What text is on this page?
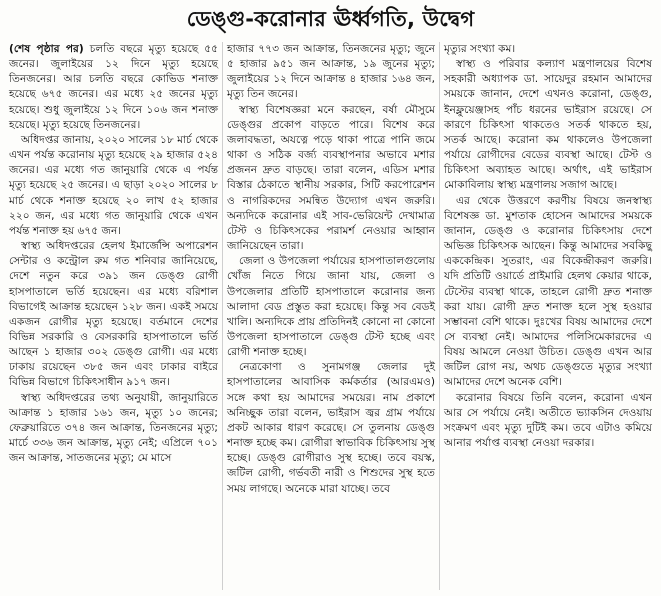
ডেঙ্গু-করোনার ঊর্ধ্বগতি, উদ্বেগ

(শেষ পৃষ্ঠার পর) চলতি বছরে মৃত্যু হয়েছে ৫৫ জনের। জুলাইয়ের ১২ দিনে মৃত্যু হয়েছে তিনজনের। আর চলতি বছরে কোভিড শনাক্ত হয়েছে ৬৭৫ জনের। এর মধ্যে ২৫ জনের মৃত্যু হয়েছে। শুধু জুলাইয়ে ১২ দিনে ১০৬ জন শনাক্ত হয়েছে। মৃত্যু হয়েছে তিনজনের।

অধিদপ্তর জানায়, ২০২০ সালের ১৮ মার্চ থেকে এখন পর্যন্ত করোনায় মৃত্যু হয়েছে ২৯ হাজার ৫২৪ জনের। এর মধ্যে গত জানুয়ারি থেকে এ পর্যন্ত মৃত্যু হয়েছে ২৫ জনের। এ ছাড়া ২০২০ সালের ৮ মার্চ থেকে শনাক্ত হয়েছে ২০ লাখ ৫২ হাজার ২২০ জন, এর মধ্যে গত জানুয়ারি থেকে এখন পর্যন্ত শনাক্ত হয় ৬৭৫ জন।

স্বাস্থ্য অধিদপ্তরের হেলথ ইমার্জেন্সি অপারেশন সেন্টার ও কন্ট্রোল রুম গত শনিবার জানিয়েছে, দেশে নতুন করে ৩৯১ জন ডেঙ্গু রোগী হাসপাতালে ভর্তি হয়েছেন। এর মধ্যে বরিশাল বিভাগেই আক্রান্ত হয়েছেন ১২৮ জন। একই সময়ে একজন রোগীর মৃত্যু হয়েছে। বর্তমানে দেশের বিভিন্ন সরকারি ও বেসরকারি হাসপাতালে ভর্তি আছেন ১ হাজার ৩০২ ডেঙ্গু রোগী। এর মধ্যে ঢাকায় রয়েছেন ৩৮৫ জন এবং ঢাকার বাইরে বিভিন্ন বিভাগে চিকিৎসাধীন ৯১৭ জন।

স্বাস্থ্য অধিদপ্তরের তথ্য অনুযায়ী, জানুয়ারিতে আক্রান্ত ১ হাজার ১৬১ জন, মৃত্যু ১০ জনের; ফেব্রুয়ারিতে ৩৭৪ জন আক্রান্ত, তিনজনের মৃত্যু; মার্চে ৩৩৬ জন আক্রান্ত, মৃত্যু নেই; এপ্রিলে ৭০১ জন আক্রান্ত, সাতজনের মৃত্যু; মে মাসে

হাজার ৭৭৩ জন আক্রান্ত, তিনজনের মৃত্যু; জুনে ৫ হাজার ৯৫১ জন আক্রান্ত, ১৯ জুনের মৃত্যু; জুলাইয়ের ১২ দিনে আক্রান্ত ৪ হাজার ১৬৪ জন, মৃত্যু তিন জনের।

স্বাস্থ্য বিশেষজ্ঞরা মনে করছেন, বর্ষা মৌসুমে ডেঙ্গুর প্রকোপ বাড়তে পারে। বিশেষ করে জলাবদ্ধতা, অযত্নে পড়ে থাকা পাত্রে পানি জমে থাকা ও সঠিক বর্জ্য ব্যবস্থাপনার অভাবে মশার প্রজনন দ্রুত বাড়ছে। তারা বলেন, এডিস মশার বিস্তার ঠেকাতে স্থানীয় সরকার, সিটি করপোরেশন ও নাগরিকদের সমন্বিত উদ্যোগ এখন জরুরি। অন্যদিকে করোনার এই সাব-ভেরিয়েন্ট দেখামাত্র টেস্ট ও চিকিৎসকের পরামর্শ নেওয়ার আহ্বান জানিয়েছেন তারা।

জেলা ও উপজেলা পর্যায়ের হাসপাতালগুলোয় খোঁজ নিতে গিয়ে জানা যায়, জেলা ও উপজেলার প্রতিটি হাসপাতালে করোনার জন্য আলাদা বেড প্রস্তুত করা হয়েছে। কিন্তু সব বেডই খালি। অন্যদিকে প্রায় প্রতিদিনই কোনো না কোনো উপজেলা হাসপাতালে ডেঙ্গু টেস্ট হচ্ছে এবং রোগী শনাক্ত হচ্ছে।

নেত্রকোণা ও সুনামগঞ্জ জেলার দুই হাসপাতালের আবাসিক কর্মকর্তার (আরএমও) সঙ্গে কথা হয় আমাদের সময়ের। নাম প্রকাশে অনিচ্ছুক তারা বলেন, ভাইরাস জ্বর গ্রাম পর্যায়ে প্রকট আকার ধারণ করেছে। সে তুলনায় ডেঙ্গু শনাক্ত হচ্ছে কম। রোগীরা স্বাভাবিক চিকিৎসায় সুস্থ হচ্ছে। ডেঙ্গু রোগীরাও সুস্থ হচ্ছে। তবে বয়স্ক, জটিল রোগী, গর্ভবতী নারী ও শিশুদের সুস্থ হতে সময় লাগছে। অনেকে মারা যাচ্ছে। তবে

মৃত্যুর সংখ্যা কম।

স্বাস্থ্য ও পরিবার কল্যাণ মন্ত্রণালয়ের বিশেষ সহকারী অধ্যাপক ডা. সায়েদুর রহমান আমাদের সময়কে জানান, দেশে এখনও করোনা, ডেঙ্গু, ইনফ্লুয়েঞ্জাসহ পাঁচ ধরনের ভাইরাস রয়েছে। সে কারণে চিকিৎসা থাকতেও সতর্ক থাকতে হয়, সতর্ক আছে। করোনা কম থাকলেও উপজেলা পর্যায়ে রোগীদের বেডের ব্যবস্থা আছে। টেস্ট ও চিকিৎসা অব্যাহত আছে। অর্থাৎ, এই ভাইরাস মোকাবিলায় স্বাস্থ্য মন্ত্রণালয় সজাগ আছে।

এর থেকে উত্তরণে করণীয় বিষয়ে জনস্বাস্থ্য বিশেষজ্ঞ ডা. মুশতাক হোসেন আমাদের সময়কে জানান, ডেঙ্গু ও করোনার চিকিৎসায় দেশে অভিজ্ঞ চিকিৎসক আছেন। কিন্তু আমাদের সবকিছু এককেন্দ্রিক। সুতরাং, এর বিকেন্দ্রীকরণ জরুরি। যদি প্রতিটি ওয়ার্ডে প্রাইমারি হেলথ কেয়ার থাকে, টেস্টের ব্যবস্থা থাকে, তাহলে রোগী দ্রুত শনাক্ত করা যায়। রোগী দ্রুত শনাক্ত হলে সুস্থ হওয়ার সম্ভাবনা বেশি থাকে। দুঃখের বিষয় আমাদের দেশে সে ব্যবস্থা নেই। আমাদের পলিসিমেকারদের এ বিষয় আমলে নেওয়া উচিত। ডেঙ্গু এখন আর জটিল রোগ নয়, অথচ ডেঙ্গুতে মৃত্যুর সংখ্যা আমাদের দেশে অনেক বেশি।

করোনার বিষয়ে তিনি বলেন, করোনা এখন আর সে পর্যায়ে নেই। অতীতে ভ্যাকসিন দেওয়ায় সংক্রমণ এবং মৃত্যু দুটিই কম। তবে এটাও কমিয়ে আনার পর্যাপ্ত ব্যবস্থা নেওয়া দরকার।
